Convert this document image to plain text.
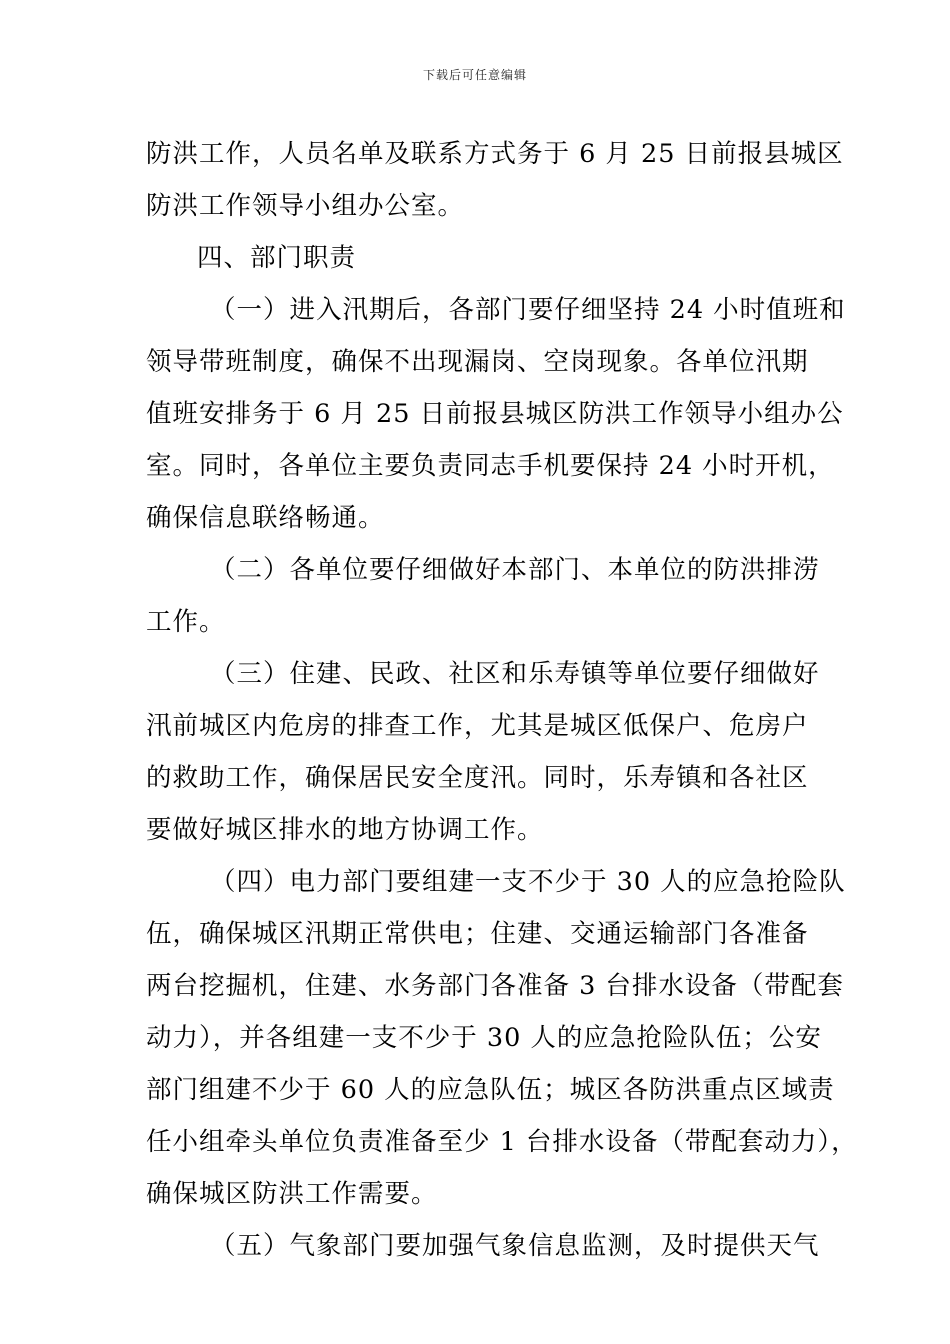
下载后可任意编辑
防洪工作，人员名单及联系方式务于 6 月 25 日前报县城区
防洪工作领导小组办公室。
四、部门职责
（一）进入汛期后，各部门要仔细坚持 24 小时值班和
领导带班制度，确保不出现漏岗、空岗现象。各单位汛期
值班安排务于 6 月 25 日前报县城区防洪工作领导小组办公
室。同时，各单位主要负责同志手机要保持 24 小时开机，
确保信息联络畅通。
（二）各单位要仔细做好本部门、本单位的防洪排涝
工作。
（三）住建、民政、社区和乐寿镇等单位要仔细做好
汛前城区内危房的排查工作，尤其是城区低保户、危房户
的救助工作，确保居民安全度汛。同时，乐寿镇和各社区
要做好城区排水的地方协调工作。
（四）电力部门要组建一支不少于 30 人的应急抢险队
伍，确保城区汛期正常供电；住建、交通运输部门各准备
两台挖掘机，住建、水务部门各准备 3 台排水设备（带配套
动力），并各组建一支不少于 30 人的应急抢险队伍；公安
部门组建不少于 60 人的应急队伍；城区各防洪重点区域责
任小组牵头单位负责准备至少 1 台排水设备（带配套动力），
确保城区防洪工作需要。
（五）气象部门要加强气象信息监测，及时提供天气
